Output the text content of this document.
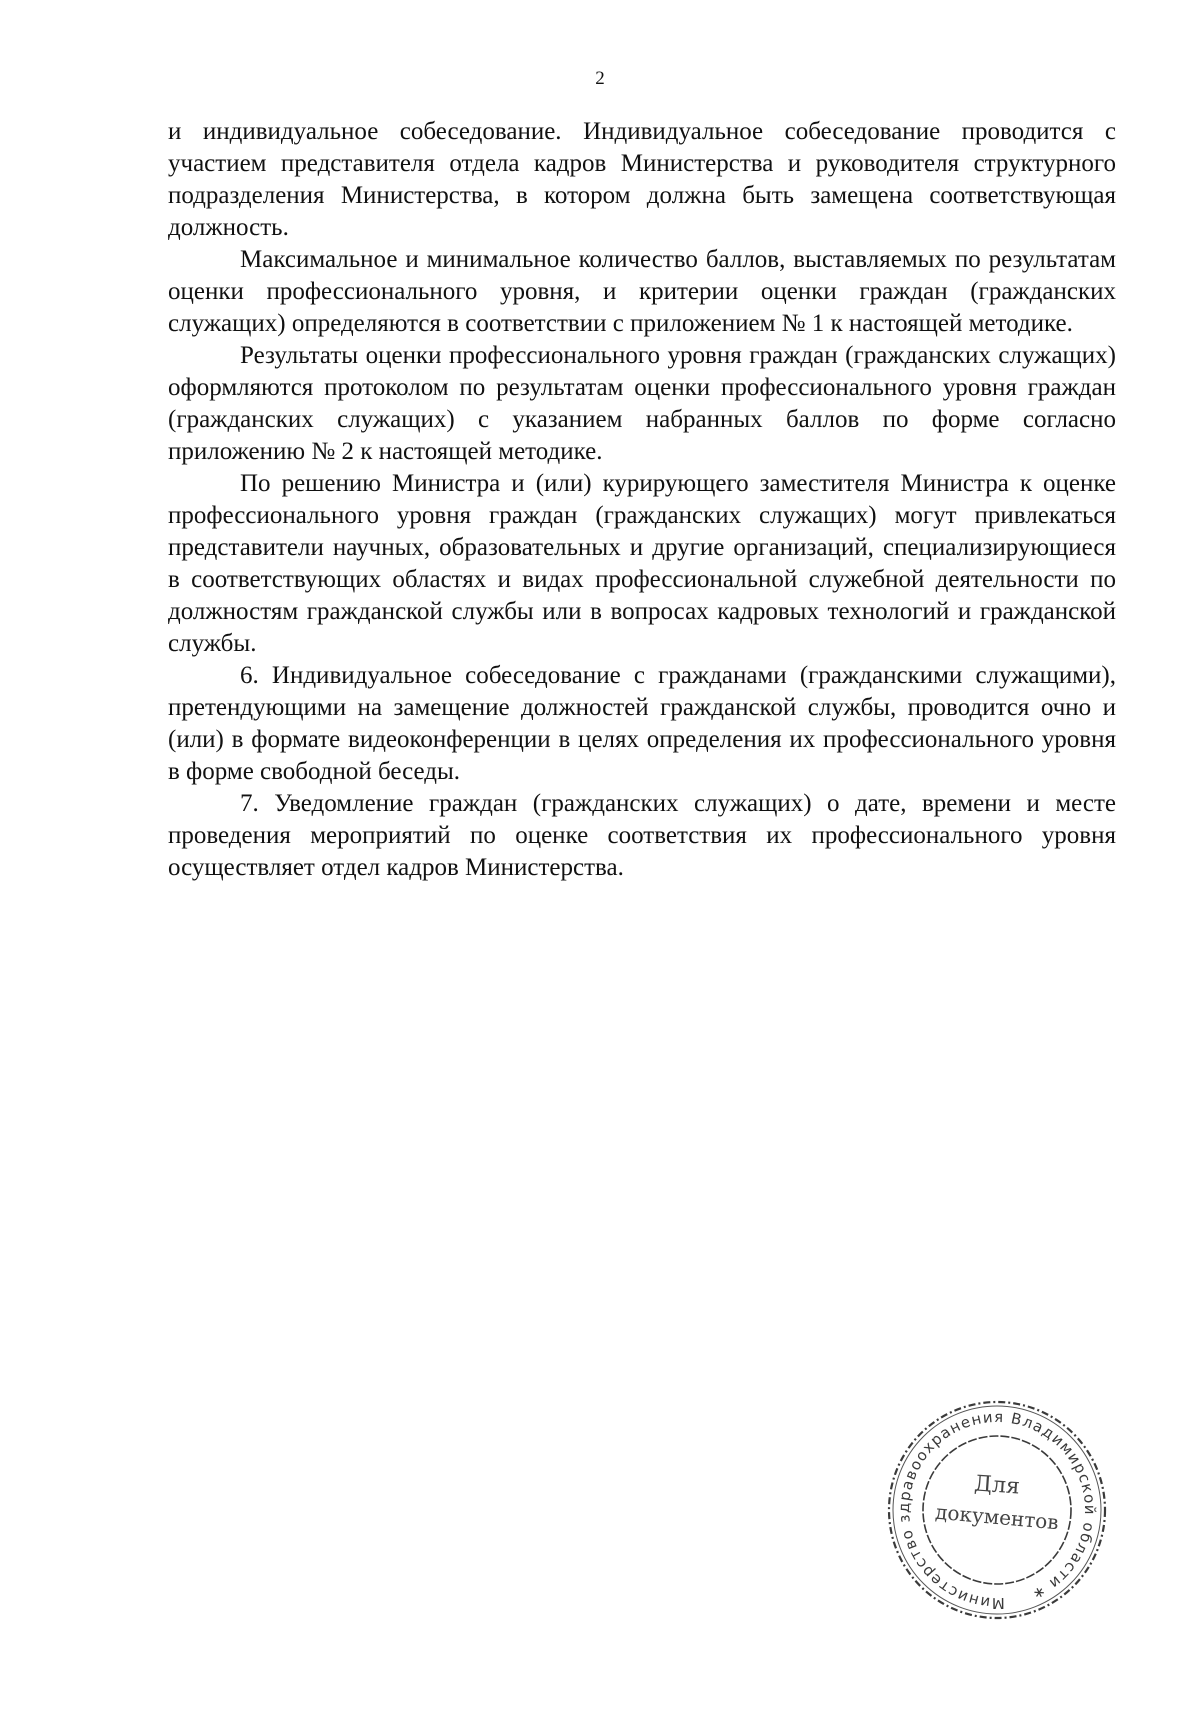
2

и индивидуальное собеседование. Индивидуальное собеседование проводится с участием представителя отдела кадров Министерства и руководителя структурного подразделения Министерства, в котором должна быть замещена соответствующая должность.

Максимальное и минимальное количество баллов, выставляемых по результатам оценки профессионального уровня, и критерии оценки граждан (гражданских служащих) определяются в соответствии с приложением № 1 к настоящей методике.

Результаты оценки профессионального уровня граждан (гражданских служащих) оформляются протоколом по результатам оценки профессионального уровня граждан (гражданских служащих) с указанием набранных баллов по форме согласно приложению № 2 к настоящей методике.

По решению Министра и (или) курирующего заместителя Министра к оценке профессионального уровня граждан (гражданских служащих) могут привлекаться представители научных, образовательных и другие организаций, специализирующиеся в соответствующих областях и видах профессиональной служебной деятельности по должностям гражданской службы или в вопросах кадровых технологий и гражданской службы.

6. Индивидуальное собеседование с гражданами (гражданскими служащими), претендующими на замещение должностей гражданской службы, проводится очно и (или) в формате видеоконференции в целях определения их профессионального уровня в форме свободной беседы.

7. Уведомление граждан (гражданских служащих) о дате, времени и месте проведения мероприятий по оценке соответствия их профессионального уровня осуществляет отдел кадров Министерства.

Министерство здравоохранения Владимирской области ∗
Для
документов
